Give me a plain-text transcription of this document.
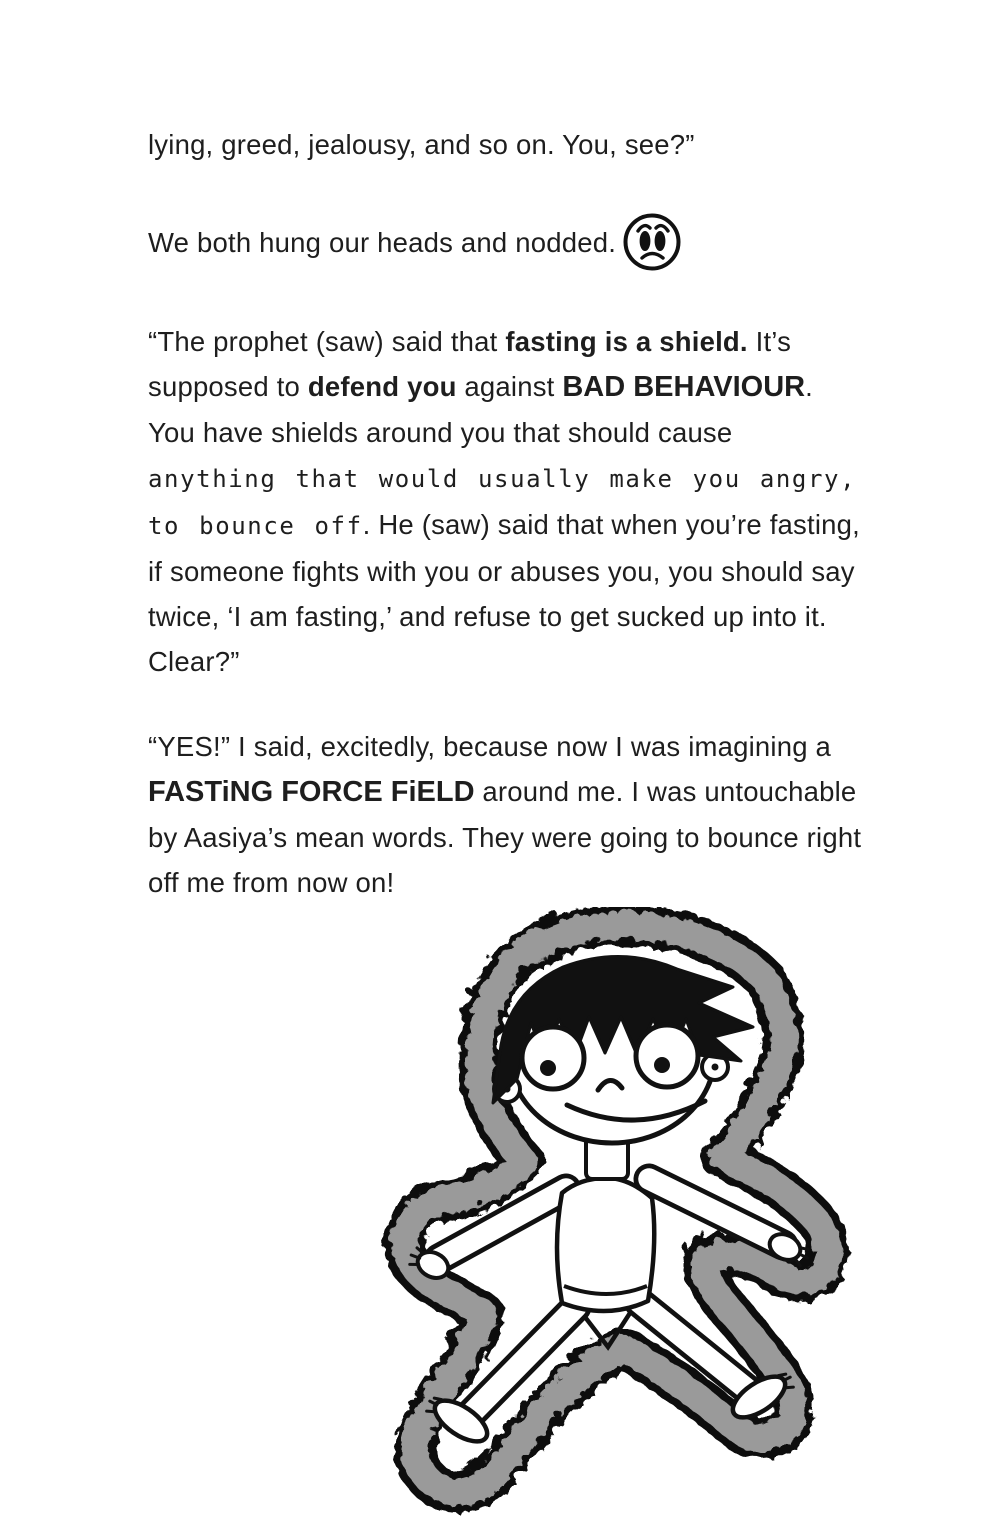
lying, greed, jealousy, and so on. You, see?”

We both hung our heads and nodded.

“The prophet (saw) said that fasting is a shield. It’s supposed to defend you against BAD BEHAVIOUR. You have shields around you that should cause anything that would usually make you angry, to bounce off. He (saw) said that when you’re fasting, if someone fights with you or abuses you, you should say twice, ‘I am fasting,’ and refuse to get sucked up into it. Clear?”

“YES!” I said, excitedly, because now I was imagining a FASTiNG FORCE FiELD around me. I was untouchable by Aasiya’s mean words. They were going to bounce right off me from now on!
